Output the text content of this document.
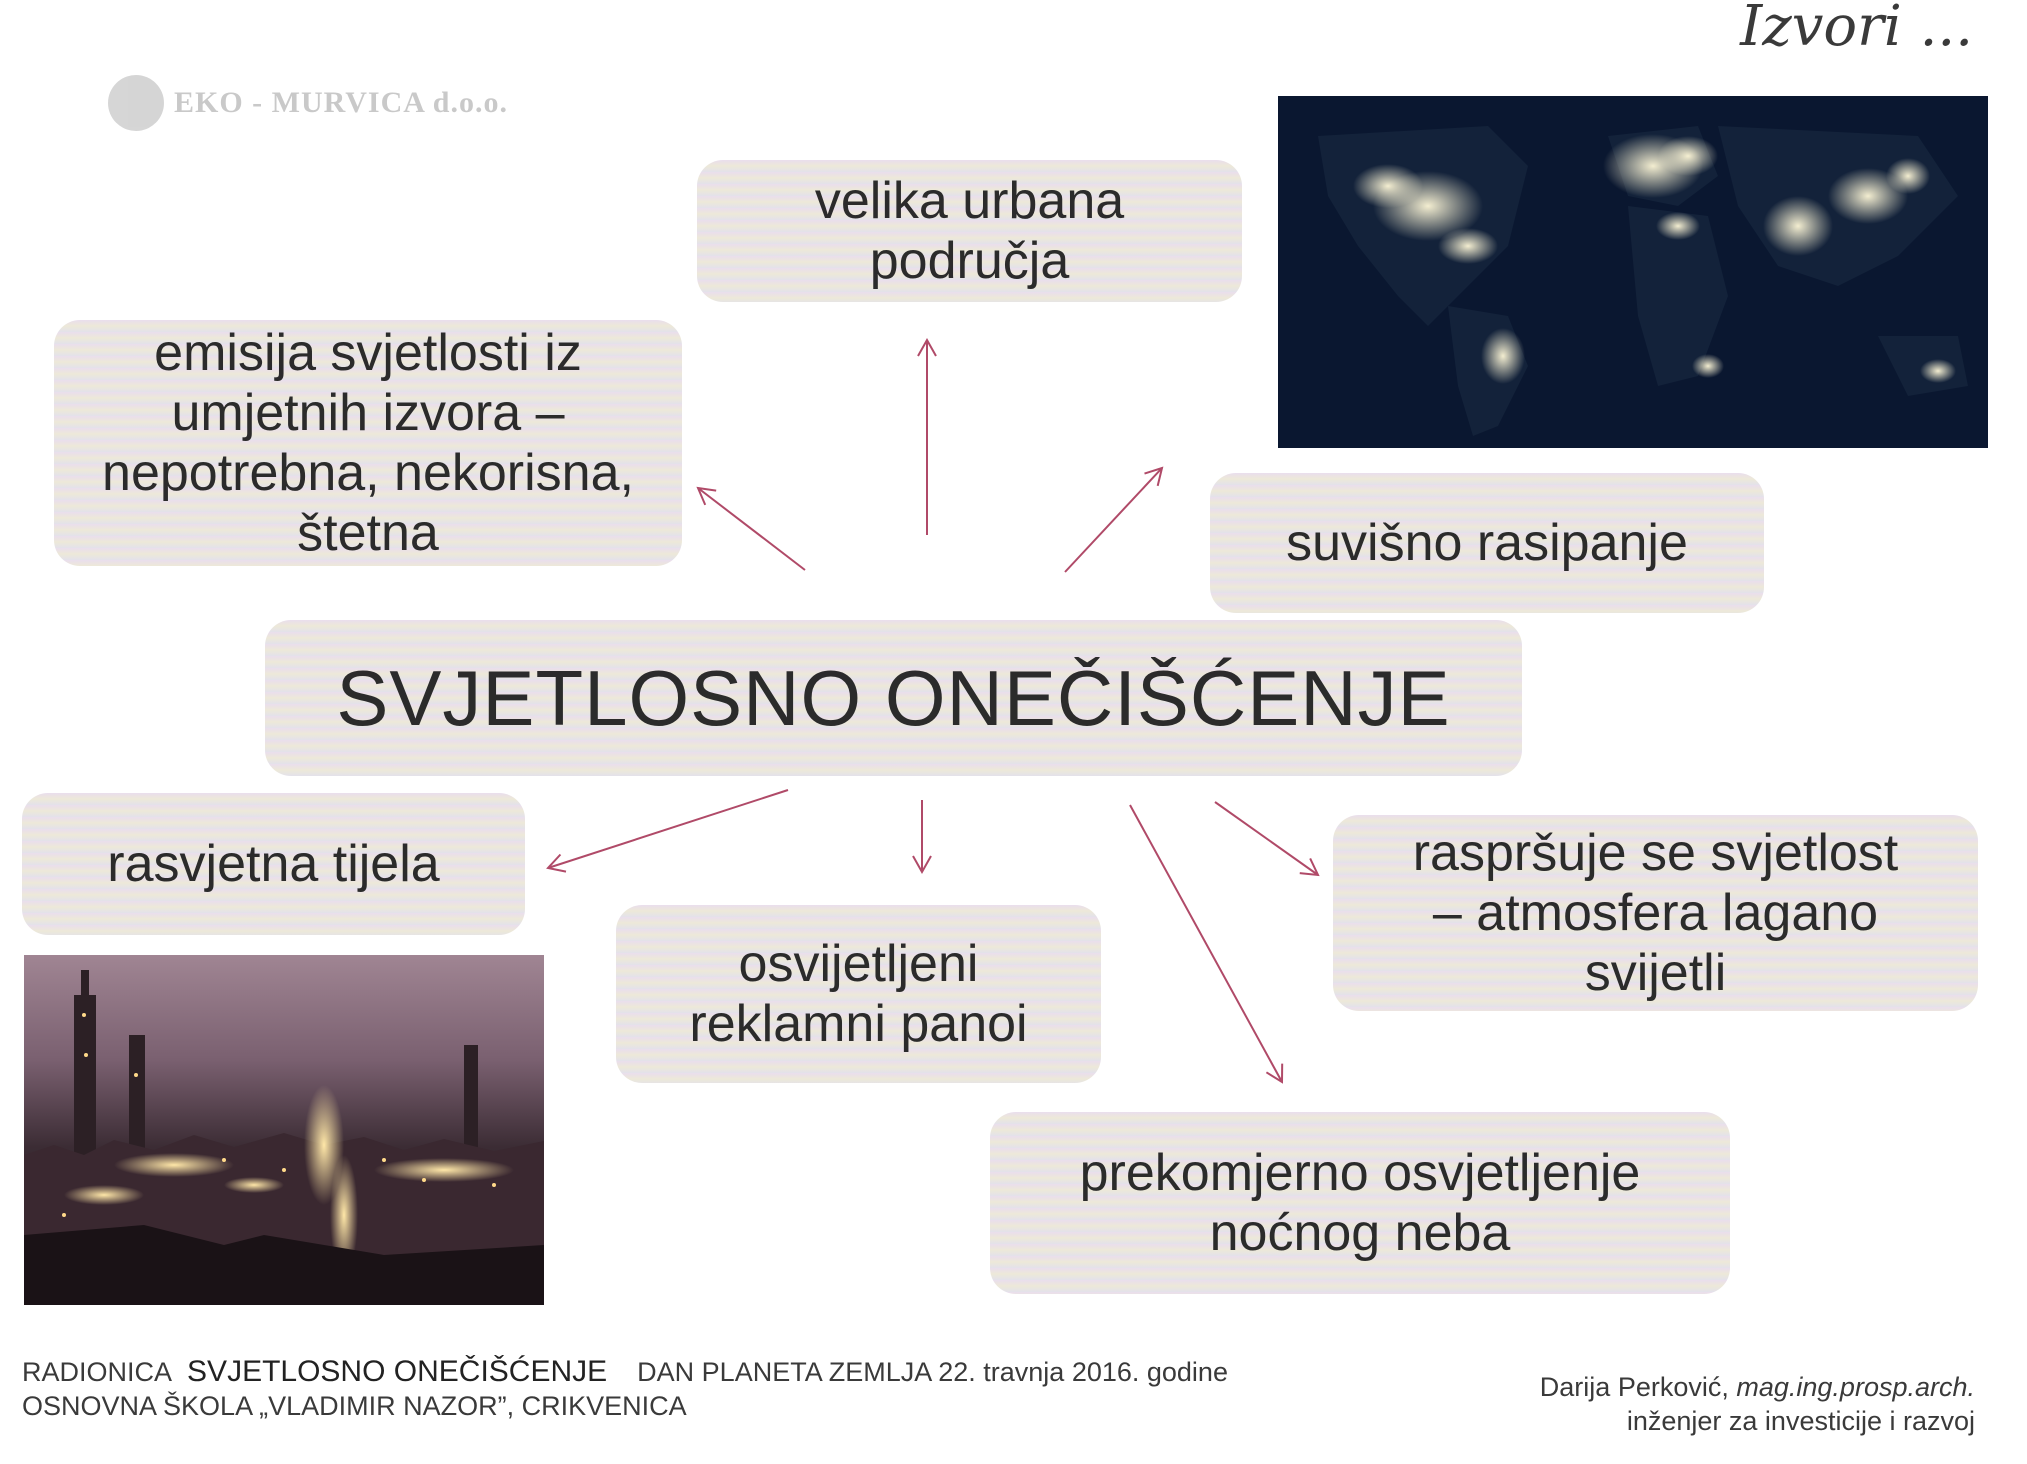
EKO - MURVICA d.o.o.
Izvori ...
velika urbana
područja
emisija svjetlosti iz
umjetnih izvora –
nepotrebna, nekorisna,
štetna	suvišno rasipanje
SVJETLOSNO ONEČIŠĆENJE
rasvjetna tijela
osvijetljeni
reklamni panoi
raspršuje se svjetlost
– atmosfera lagano
svijetli
prekomjerno osvjetljenje
noćnog neba
RADIONICA SVJETLOSNO ONEČIŠĆENJE DAN PLANETA ZEMLJA 22. travnja 2016. godine
OSNOVNA ŠKOLA „VLADIMIR NAZOR”, CRIKVENICA
Darija Perković, mag.ing.prosp.arch.
inženjer za investicije i razvoj
